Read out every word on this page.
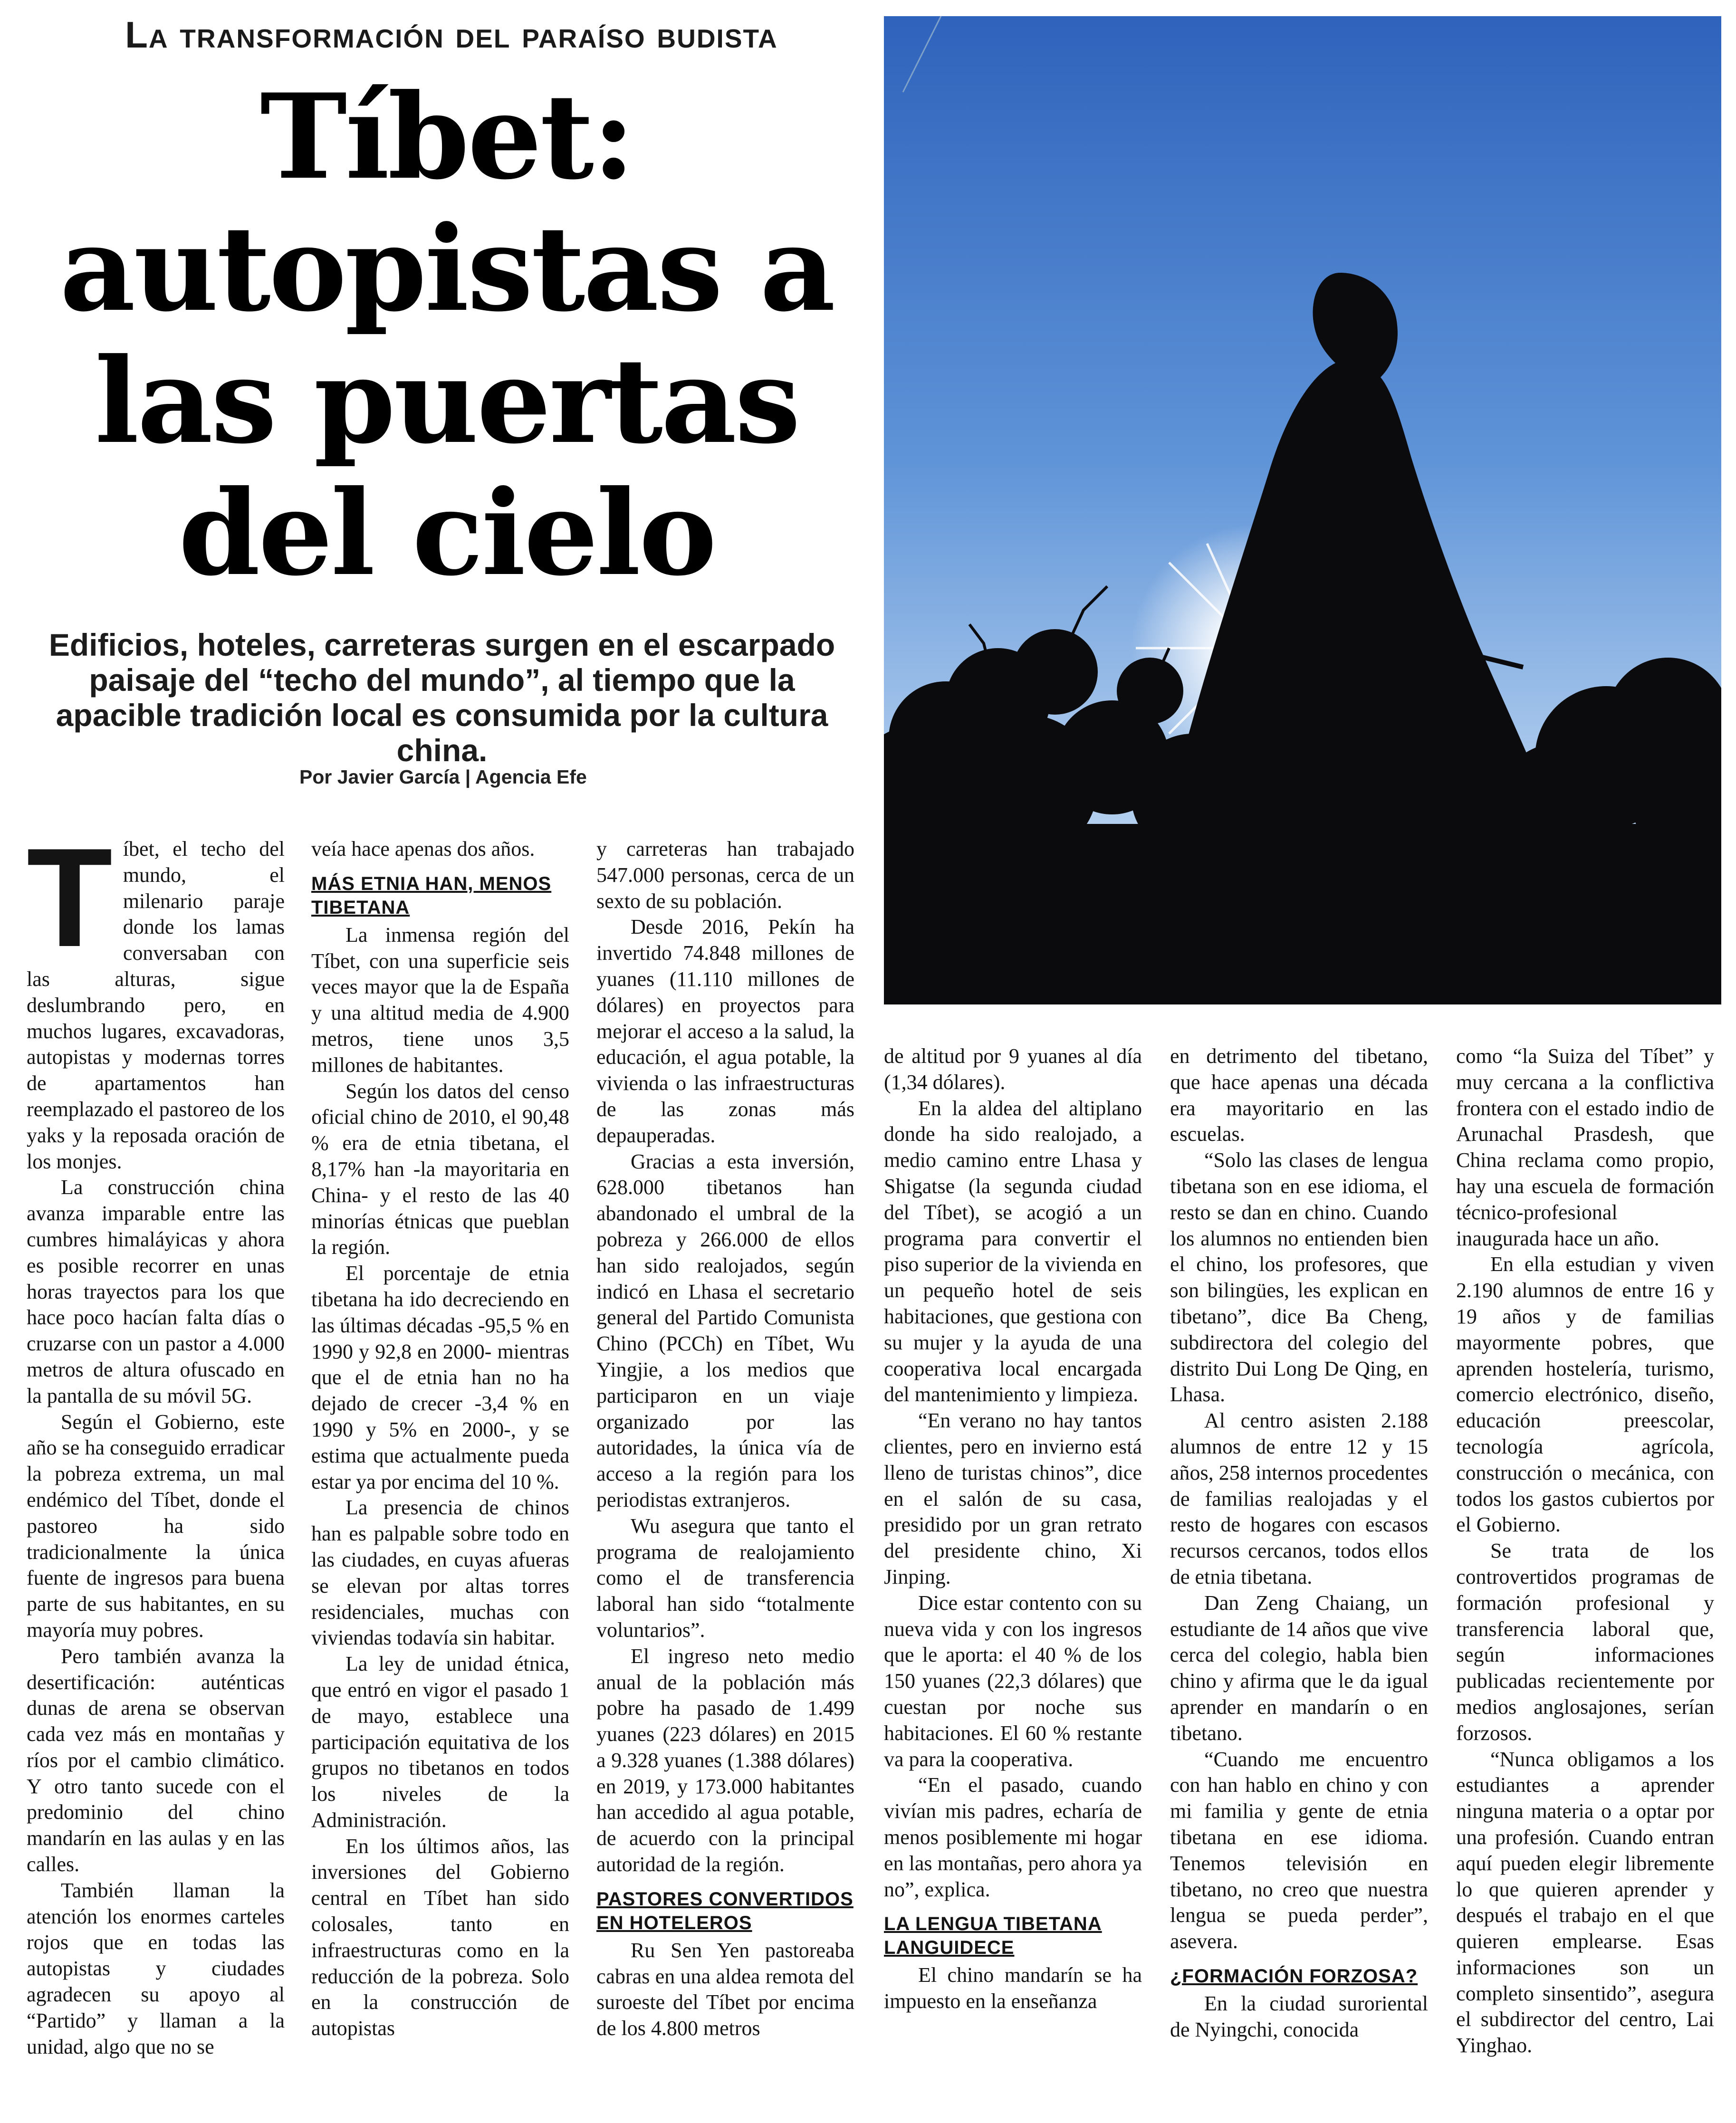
La transformación del paraíso budista
Tíbet:
autopistas a
las puertas
del cielo
Edificios, hoteles, carreteras surgen en el escarpado paisaje del “techo del mundo”, al tiempo que la apacible tradición local es consumida por la cultura china.
Por Javier García | Agencia Efe

Tíbet, el techo del mundo, el milenario paraje donde los lamas conversaban con las alturas, sigue deslumbrando pero, en muchos lugares, excavadoras, autopistas y modernas torres de apartamentos han reemplazado el pastoreo de los yaks y la reposada oración de los monjes.

La construcción china avanza imparable entre las cumbres himaláyicas y ahora es posible recorrer en unas horas trayectos para los que hace poco hacían falta días o cruzarse con un pastor a 4.000 metros de altura ofuscado en la pantalla de su móvil 5G.

Según el Gobierno, este año se ha conseguido erradicar la pobreza extrema, un mal endémico del Tíbet, donde el pastoreo ha sido tradicionalmente la única fuente de ingresos para buena parte de sus habitantes, en su mayoría muy pobres.

Pero también avanza la desertificación: auténticas dunas de arena se observan cada vez más en montañas y ríos por el cambio climático. Y otro tanto sucede con el predominio del chino mandarín en las aulas y en las calles.

También llaman la atención los enormes carteles rojos que en todas las autopistas y ciudades agradecen su apoyo al “Partido” y llaman a la unidad, algo que no se

veía hace apenas dos años.

MÁS ETNIA HAN, MENOS TIBETANA

La inmensa región del Tíbet, con una superficie seis veces mayor que la de España y una altitud media de 4.900 metros, tiene unos 3,5 millones de habitantes.

Según los datos del censo oficial chino de 2010, el 90,48 % era de etnia tibetana, el 8,17% han -la mayoritaria en China- y el resto de las 40 minorías étnicas que pueblan la región.

El porcentaje de etnia tibetana ha ido decreciendo en las últimas décadas -95,5 % en 1990 y 92,8 en 2000- mientras que el de etnia han no ha dejado de crecer -3,4 % en 1990 y 5% en 2000-, y se estima que actualmente pueda estar ya por encima del 10 %.

La presencia de chinos han es palpable sobre todo en las ciudades, en cuyas afueras se elevan por altas torres residenciales, muchas con viviendas todavía sin habitar.

La ley de unidad étnica, que entró en vigor el pasado 1 de mayo, establece una participación equitativa de los grupos no tibetanos en todos los niveles de la Administración.

En los últimos años, las inversiones del Gobierno central en Tíbet han sido colosales, tanto en infraestructuras como en la reducción de la pobreza. Solo en la construcción de autopistas

y carreteras han trabajado 547.000 personas, cerca de un sexto de su población.

Desde 2016, Pekín ha invertido 74.848 millones de yuanes (11.110 millones de dólares) en proyectos para mejorar el acceso a la salud, la educación, el agua potable, la vivienda o las infraestructuras de las zonas más depauperadas.

Gracias a esta inversión, 628.000 tibetanos han abandonado el umbral de la pobreza y 266.000 de ellos han sido realojados, según indicó en Lhasa el secretario general del Partido Comunista Chino (PCCh) en Tíbet, Wu Yingjie, a los medios que participaron en un viaje organizado por las autoridades, la única vía de acceso a la región para los periodistas extranjeros.

Wu asegura que tanto el programa de realojamiento como el de transferencia laboral han sido “totalmente voluntarios”.

El ingreso neto medio anual de la población más pobre ha pasado de 1.499 yuanes (223 dólares) en 2015 a 9.328 yuanes (1.388 dólares) en 2019, y 173.000 habitantes han accedido al agua potable, de acuerdo con la principal autoridad de la región.

PASTORES CONVERTIDOS EN HOTELEROS

Ru Sen Yen pastoreaba cabras en una aldea remota del suroeste del Tíbet por encima de los 4.800 metros

de altitud por 9 yuanes al día (1,34 dólares).

En la aldea del altiplano donde ha sido realojado, a medio camino entre Lhasa y Shigatse (la segunda ciudad del Tíbet), se acogió a un programa para convertir el piso superior de la vivienda en un pequeño hotel de seis habitaciones, que gestiona con su mujer y la ayuda de una cooperativa local encargada del mantenimiento y limpieza.

“En verano no hay tantos clientes, pero en invierno está lleno de turistas chinos”, dice en el salón de su casa, presidido por un gran retrato del presidente chino, Xi Jinping.

Dice estar contento con su nueva vida y con los ingresos que le aporta: el 40 % de los 150 yuanes (22,3 dólares) que cuestan por noche sus habitaciones. El 60 % restante va para la cooperativa.

“En el pasado, cuando vivían mis padres, echaría de menos posiblemente mi hogar en las montañas, pero ahora ya no”, explica.

LA LENGUA TIBETANA LANGUIDECE

El chino mandarín se ha impuesto en la enseñanza

en detrimento del tibetano, que hace apenas una década era mayoritario en las escuelas.

“Solo las clases de lengua tibetana son en ese idioma, el resto se dan en chino. Cuando los alumnos no entienden bien el chino, los profesores, que son bilingües, les explican en tibetano”, dice Ba Cheng, subdirectora del colegio del distrito Dui Long De Qing, en Lhasa.

Al centro asisten 2.188 alumnos de entre 12 y 15 años, 258 internos procedentes de familias realojadas y el resto de hogares con escasos recursos cercanos, todos ellos de etnia tibetana.

Dan Zeng Chaiang, un estudiante de 14 años que vive cerca del colegio, habla bien chino y afirma que le da igual aprender en mandarín o en tibetano.

“Cuando me encuentro con han hablo en chino y con mi familia y gente de etnia tibetana en ese idioma. Tenemos televisión en tibetano, no creo que nuestra lengua se pueda perder”, asevera.

¿FORMACIÓN FORZOSA?

En la ciudad suroriental de Nyingchi, conocida

como “la Suiza del Tíbet” y muy cercana a la conflictiva frontera con el estado indio de Arunachal Prasdesh, que China reclama como propio, hay una escuela de formación técnico-profesional inaugurada hace un año.

En ella estudian y viven 2.190 alumnos de entre 16 y 19 años y de familias mayormente pobres, que aprenden hostelería, turismo, comercio electrónico, diseño, educación preescolar, tecnología agrícola, construcción o mecánica, con todos los gastos cubiertos por el Gobierno.

Se trata de los controvertidos programas de formación profesional y transferencia laboral que, según informaciones publicadas recientemente por medios anglosajones, serían forzosos.

“Nunca obligamos a los estudiantes a aprender ninguna materia o a optar por una profesión. Cuando entran aquí pueden elegir libremente lo que quieren aprender y después el trabajo en el que quieren emplearse. Esas informaciones son un completo sinsentido”, asegura el subdirector del centro, Lai Yinghao.
